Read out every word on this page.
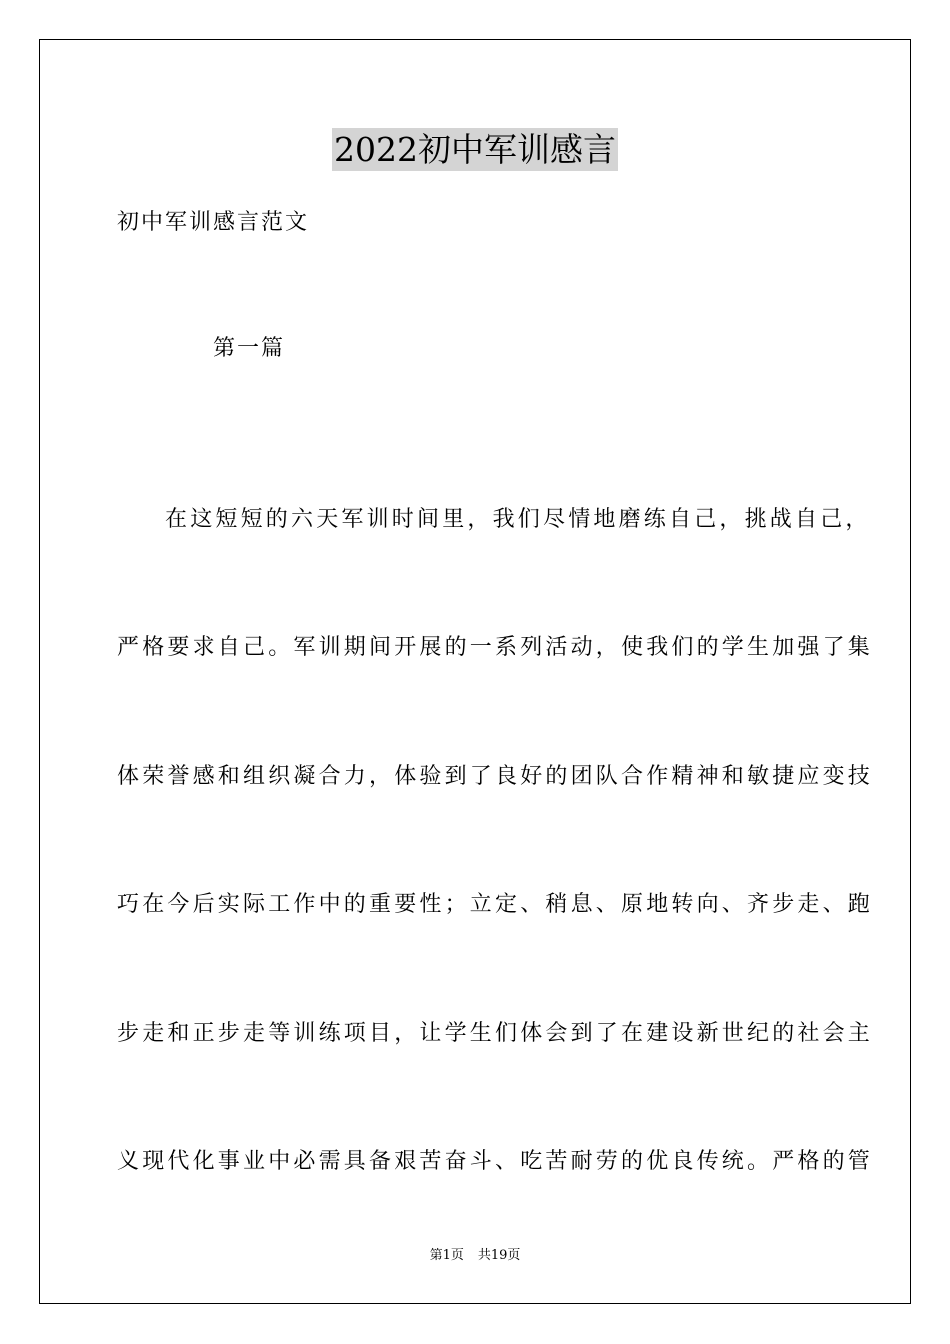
2022初中军训感言

初中军训感言范文

第一篇

在这短短的六天军训时间里，我们尽情地磨练自己，挑战自己，
严格要求自己。军训期间开展的一系列活动，使我们的学生加强了集
体荣誉感和组织凝合力，体验到了良好的团队合作精神和敏捷应变技
巧在今后实际工作中的重要性；立定、稍息、原地转向、齐步走、跑
步走和正步走等训练项目，让学生们体会到了在建设新世纪的社会主
义现代化事业中必需具备艰苦奋斗、吃苦耐劳的优良传统。严格的管
第1页 共19页
